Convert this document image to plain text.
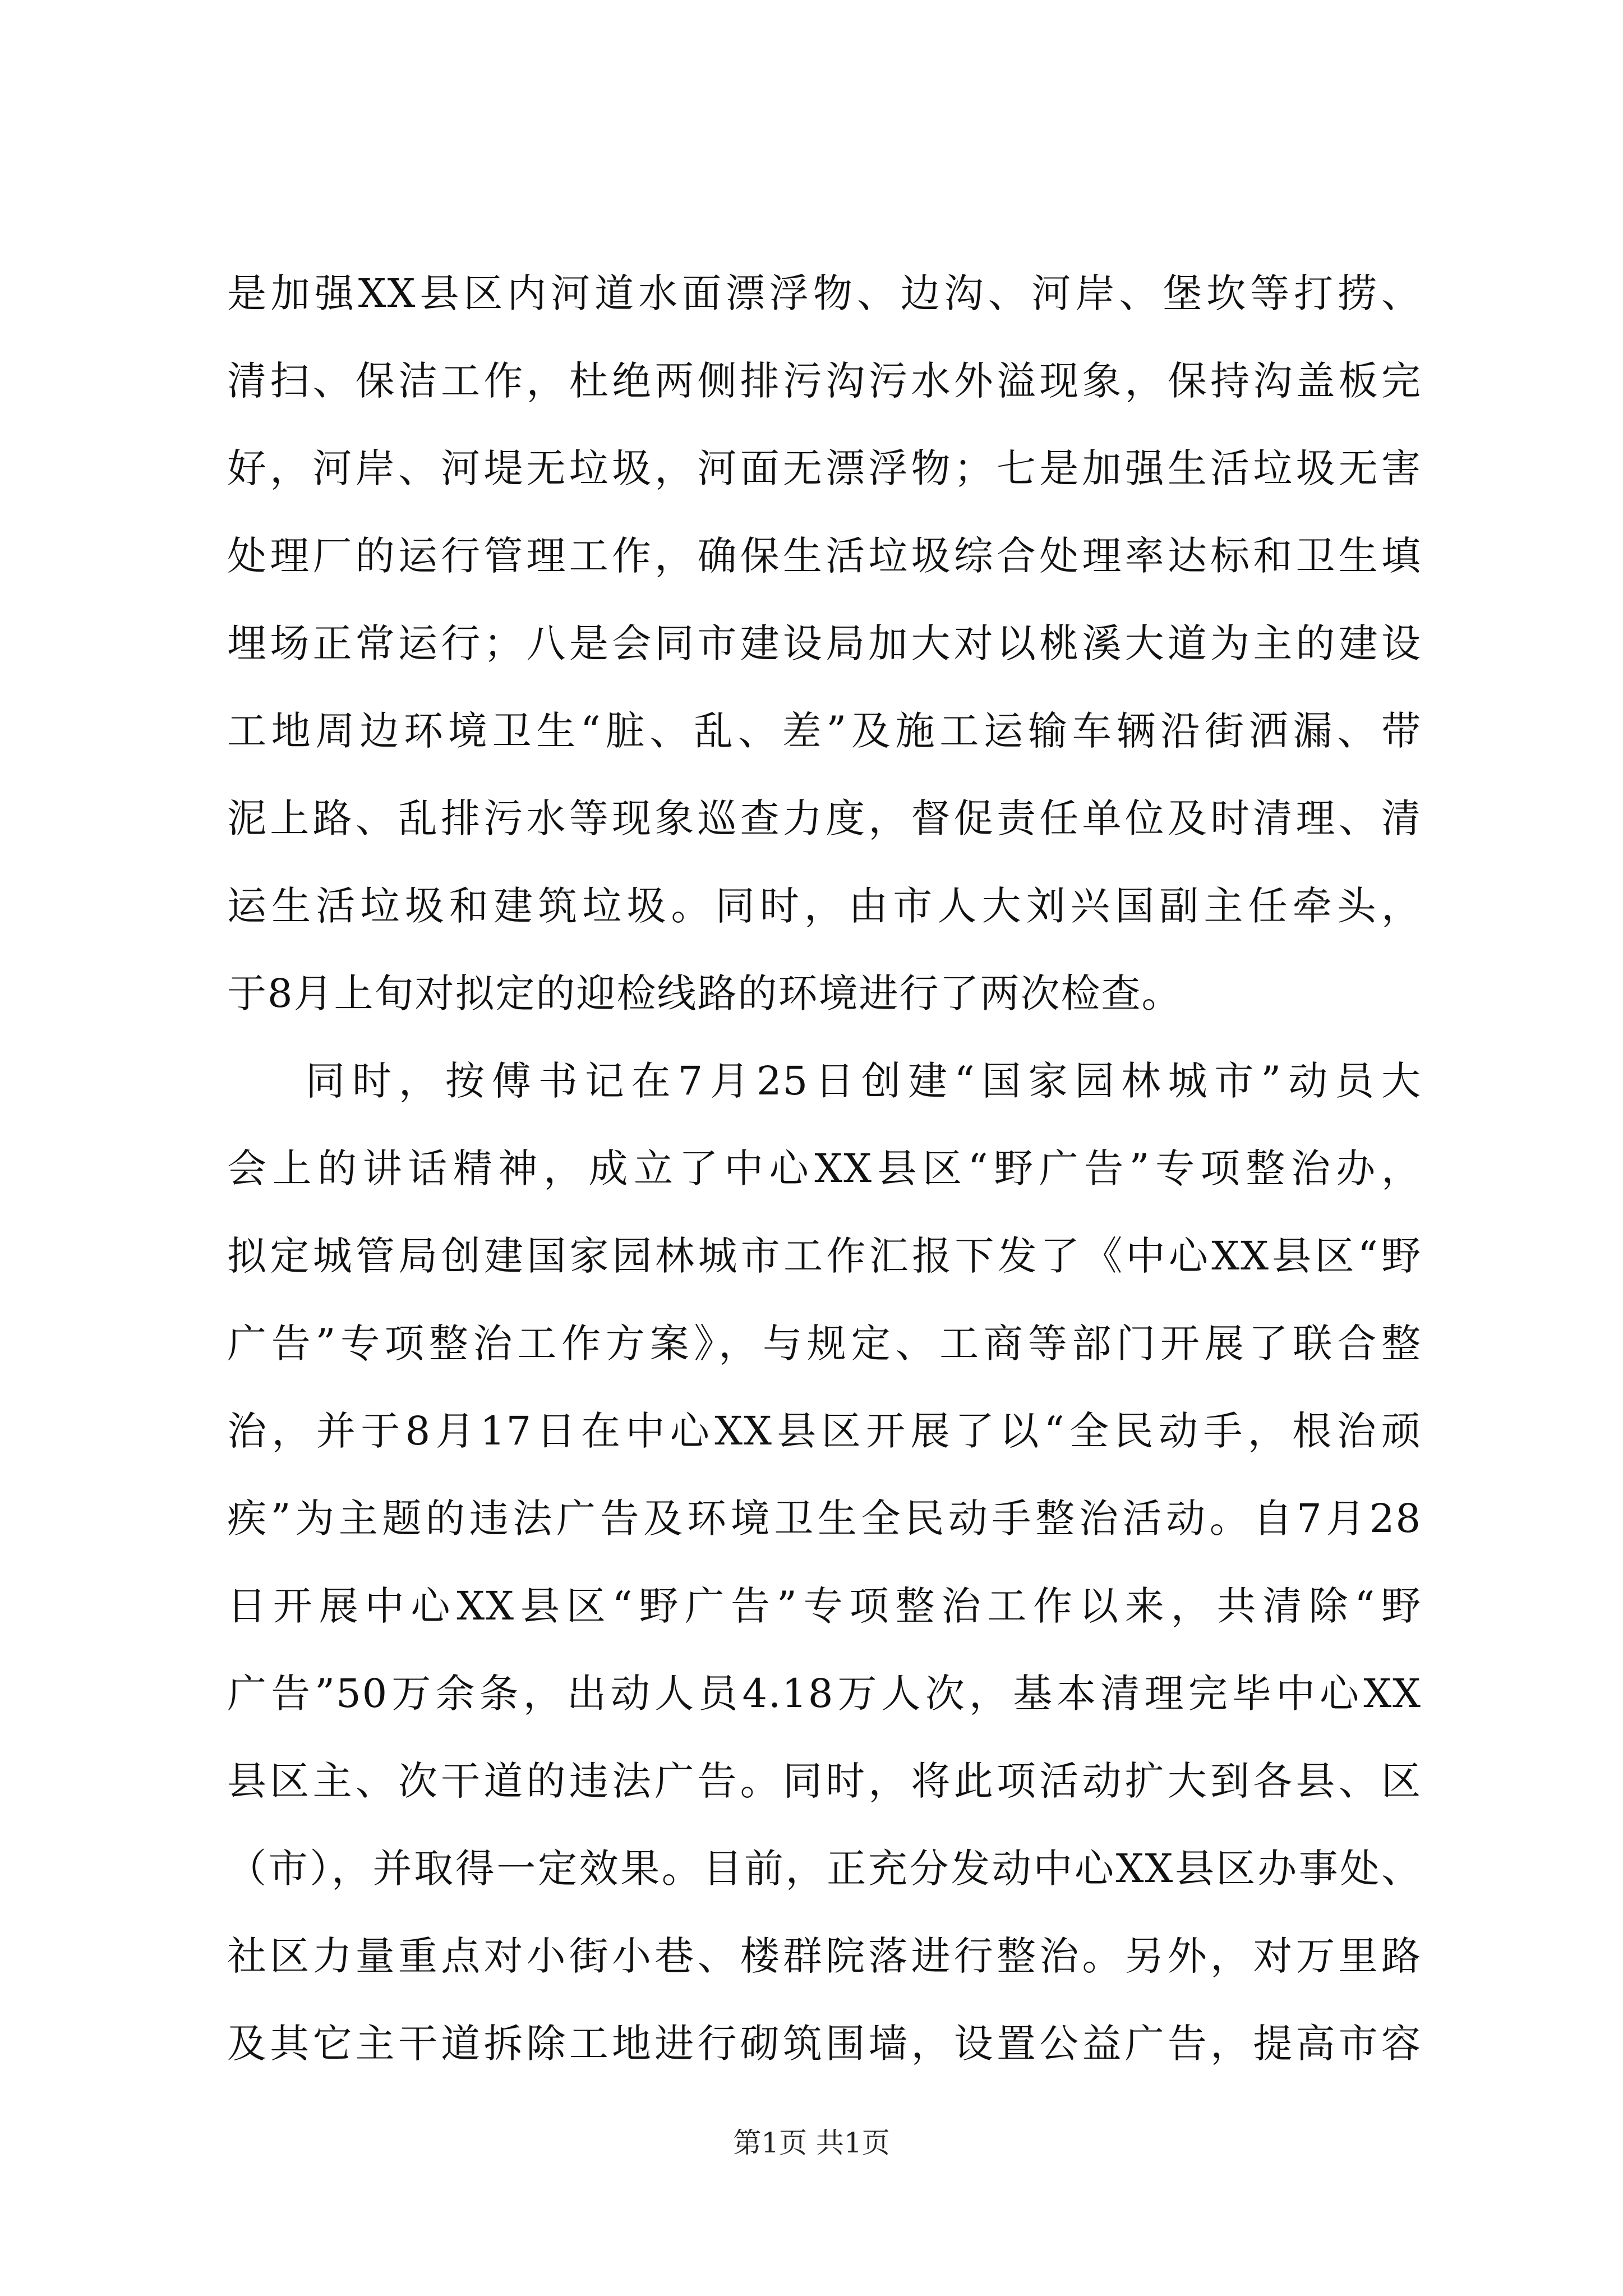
是加强XX县区内河道水面漂浮物、边沟、河岸、堡坎等打捞、
清扫、保洁工作，杜绝两侧排污沟污水外溢现象，保持沟盖板完
好，河岸、河堤无垃圾，河面无漂浮物；七是加强生活垃圾无害
处理厂的运行管理工作，确保生活垃圾综合处理率达标和卫生填
埋场正常运行；八是会同市建设局加大对以桃溪大道为主的建设
工地周边环境卫生“脏、乱、差”及施工运输车辆沿街洒漏、带
泥上路、乱排污水等现象巡查力度，督促责任单位及时清理、清
运生活垃圾和建筑垃圾。同时，由市人大刘兴国副主任牵头，
于8月上旬对拟定的迎检线路的环境进行了两次检查。
同时，按傅书记在7月25日创建“国家园林城市”动员大
会上的讲话精神，成立了中心XX县区“野广告”专项整治办，
拟定城管局创建国家园林城市工作汇报下发了《中心XX县区“野
广告”专项整治工作方案》，与规定、工商等部门开展了联合整
治，并于8月17日在中心XX县区开展了以“全民动手，根治顽
疾”为主题的违法广告及环境卫生全民动手整治活动。自7月28
日开展中心XX县区“野广告”专项整治工作以来，共清除“野
广告”50万余条，出动人员4.18万人次，基本清理完毕中心XX
县区主、次干道的违法广告。同时，将此项活动扩大到各县、区
（市），并取得一定效果。目前，正充分发动中心XX县区办事处、
社区力量重点对小街小巷、楼群院落进行整治。另外，对万里路
及其它主干道拆除工地进行砌筑围墙，设置公益广告，提高市容
第1页 共1页
